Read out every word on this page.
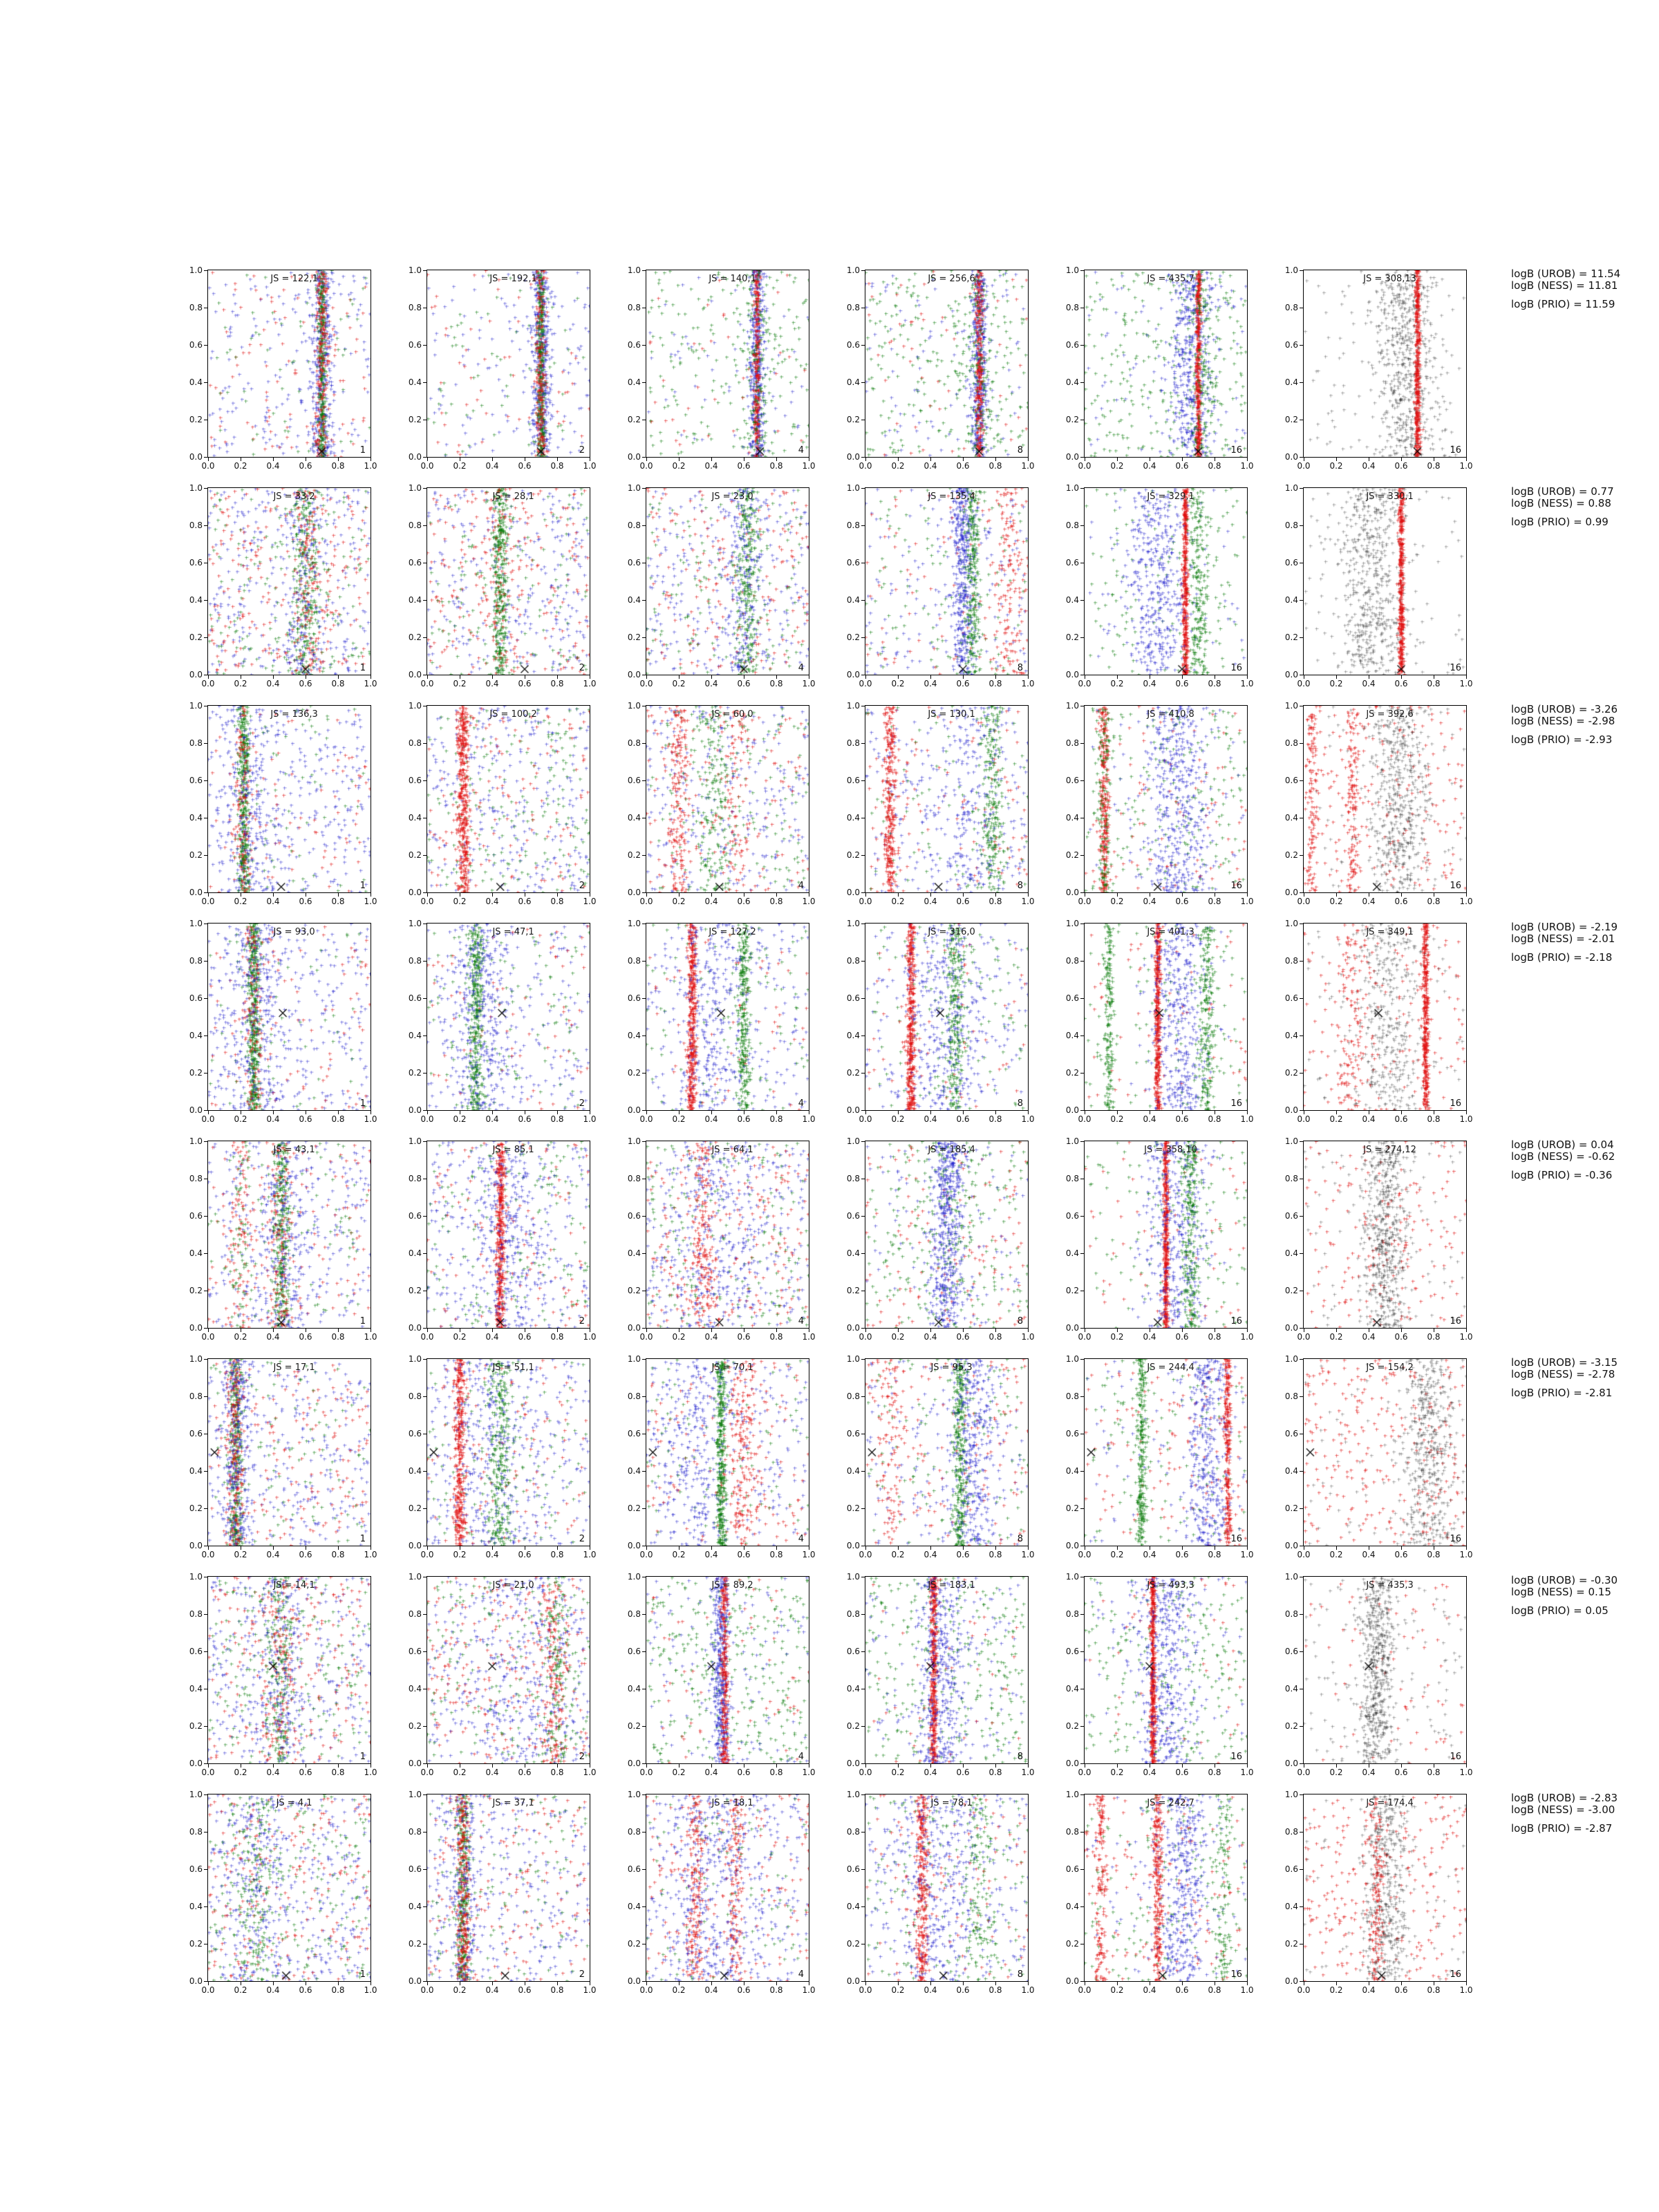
JS = 122,1
1
0.0 0.2 0.4 0.6 0.8 1.0
1.0
0.8
0.6
0.4
0.2
0.0
JS = 192,1
2
0.0 0.2 0.4 0.6 0.8 1.0
1.0
0.8
0.6
0.4
0.2
0.0
JS = 140,1
4
0.0 0.2 0.4 0.6 0.8 1.0
1.0
0.8
0.6
0.4
0.2
0.0
JS = 256,6
8
0.0 0.2 0.4 0.6 0.8 1.0
1.0
0.8
0.6
0.4
0.2
0.0
JS = 435,7
16
0.0 0.2 0.4 0.6 0.8 1.0
1.0
0.8
0.6
0.4
0.2
0.0
JS = 308,13
16
0.0 0.2 0.4 0.6 0.8 1.0
1.0
0.8
0.6
0.4
0.2
0.0
JS = 33,2
1
0.0 0.2 0.4 0.6 0.8 1.0
1.0
0.8
0.6
0.4
0.2
0.0
JS = 28,1
2
0.0 0.2 0.4 0.6 0.8 1.0
1.0
0.8
0.6
0.4
0.2
0.0
JS = 23,0
4
0.0 0.2 0.4 0.6 0.8 1.0
1.0
0.8
0.6
0.4
0.2
0.0
JS = 135,4
8
0.0 0.2 0.4 0.6 0.8 1.0
1.0
0.8
0.6
0.4
0.2
0.0
JS = 329,1
16
0.0 0.2 0.4 0.6 0.8 1.0
1.0
0.8
0.6
0.4
0.2
0.0
JS = 330,1
16
0.0 0.2 0.4 0.6 0.8 1.0
1.0
0.8
0.6
0.4
0.2
0.0
JS = 136,3
1
0.0 0.2 0.4 0.6 0.8 1.0
1.0
0.8
0.6
0.4
0.2
0.0
JS = 100,2
2
0.0 0.2 0.4 0.6 0.8 1.0
1.0
0.8
0.6
0.4
0.2
0.0
JS = 60,0
4
0.0 0.2 0.4 0.6 0.8 1.0
1.0
0.8
0.6
0.4
0.2
0.0
JS = 130,1
8
0.0 0.2 0.4 0.6 0.8 1.0
1.0
0.8
0.6
0.4
0.2
0.0
JS = 410,8
16
0.0 0.2 0.4 0.6 0.8 1.0
1.0
0.8
0.6
0.4
0.2
0.0
JS = 392,6
16
0.0 0.2 0.4 0.6 0.8 1.0
1.0
0.8
0.6
0.4
0.2
0.0
JS = 93,0
1
0.0 0.2 0.4 0.6 0.8 1.0
1.0
0.8
0.6
0.4
0.2
0.0
JS = 47,1
2
0.0 0.2 0.4 0.6 0.8 1.0
1.0
0.8
0.6
0.4
0.2
0.0
JS = 127,2
4
0.0 0.2 0.4 0.6 0.8 1.0
1.0
0.8
0.6
0.4
0.2
0.0
JS = 316,0
8
0.0 0.2 0.4 0.6 0.8 1.0
1.0
0.8
0.6
0.4
0.2
0.0
JS = 401,3
16
0.0 0.2 0.4 0.6 0.8 1.0
1.0
0.8
0.6
0.4
0.2
0.0
JS = 349,1
16
0.0 0.2 0.4 0.6 0.8 1.0
1.0
0.8
0.6
0.4
0.2
0.0
JS = 43,1
1
0.0 0.2 0.4 0.6 0.8 1.0
1.0
0.8
0.6
0.4
0.2
0.0
JS = 85,1
2
0.0 0.2 0.4 0.6 0.8 1.0
1.0
0.8
0.6
0.4
0.2
0.0
JS = 64,1
4
0.0 0.2 0.4 0.6 0.8 1.0
1.0
0.8
0.6
0.4
0.2
0.0
JS = 185,4
8
0.0 0.2 0.4 0.6 0.8 1.0
1.0
0.8
0.6
0.4
0.2
0.0
JS = 358,10
16
0.0 0.2 0.4 0.6 0.8 1.0
1.0
0.8
0.6
0.4
0.2
0.0
JS = 274,12
16
0.0 0.2 0.4 0.6 0.8 1.0
1.0
0.8
0.6
0.4
0.2
0.0
JS = 17,1
1
0.0 0.2 0.4 0.6 0.8 1.0
1.0
0.8
0.6
0.4
0.2
0.0
JS = 51,1
2
0.0 0.2 0.4 0.6 0.8 1.0
1.0
0.8
0.6
0.4
0.2
0.0
JS = 70,1
4
0.0 0.2 0.4 0.6 0.8 1.0
1.0
0.8
0.6
0.4
0.2
0.0
JS = 95,3
8
0.0 0.2 0.4 0.6 0.8 1.0
1.0
0.8
0.6
0.4
0.2
0.0
JS = 244,4
16
0.0 0.2 0.4 0.6 0.8 1.0
1.0
0.8
0.6
0.4
0.2
0.0
JS = 154,2
16
0.0 0.2 0.4 0.6 0.8 1.0
1.0
0.8
0.6
0.4
0.2
0.0
JS = 14,1
1
0.0 0.2 0.4 0.6 0.8 1.0
1.0
0.8
0.6
0.4
0.2
0.0
JS = 21,0
2
0.0 0.2 0.4 0.6 0.8 1.0
1.0
0.8
0.6
0.4
0.2
0.0
JS = 89,2
4
0.0 0.2 0.4 0.6 0.8 1.0
1.0
0.8
0.6
0.4
0.2
0.0
JS = 183,1
8
0.0 0.2 0.4 0.6 0.8 1.0
1.0
0.8
0.6
0.4
0.2
0.0
JS = 493,3
16
0.0 0.2 0.4 0.6 0.8 1.0
1.0
0.8
0.6
0.4
0.2
0.0
JS = 435,3
16
0.0 0.2 0.4 0.6 0.8 1.0
1.0
0.8
0.6
0.4
0.2
0.0
JS = 4,1
1
0.0 0.2 0.4 0.6 0.8 1.0
1.0
0.8
0.6
0.4
0.2
0.0
JS = 37,1
2
0.0 0.2 0.4 0.6 0.8 1.0
1.0
0.8
0.6
0.4
0.2
0.0
JS = 18,1
4
0.0 0.2 0.4 0.6 0.8 1.0
1.0
0.8
0.6
0.4
0.2
0.0
JS = 78,1
8
0.0 0.2 0.4 0.6 0.8 1.0
1.0
0.8
0.6
0.4
0.2
0.0
JS = 242,7
16
0.0 0.2 0.4 0.6 0.8 1.0
1.0
0.8
0.6
0.4
0.2
0.0
JS = 174,4
16
0.0 0.2 0.4 0.6 0.8 1.0
1.0
0.8
0.6
0.4
0.2
0.0
logB (UROB) = 11.54
logB (NESS) = 11.81
logB (PRIO) = 11.59
logB (UROB) = 0.77
logB (NESS) = 0.88
logB (PRIO) = 0.99
logB (UROB) = -3.26
logB (NESS) = -2.98
logB (PRIO) = -2.93
logB (UROB) = -2.19
logB (NESS) = -2.01
logB (PRIO) = -2.18
logB (UROB) = 0.04
logB (NESS) = -0.62
logB (PRIO) = -0.36
logB (UROB) = -3.15
logB (NESS) = -2.78
logB (PRIO) = -2.81
logB (UROB) = -0.30
logB (NESS) = 0.15
logB (PRIO) = 0.05
logB (UROB) = -2.83
logB (NESS) = -3.00
logB (PRIO) = -2.87
